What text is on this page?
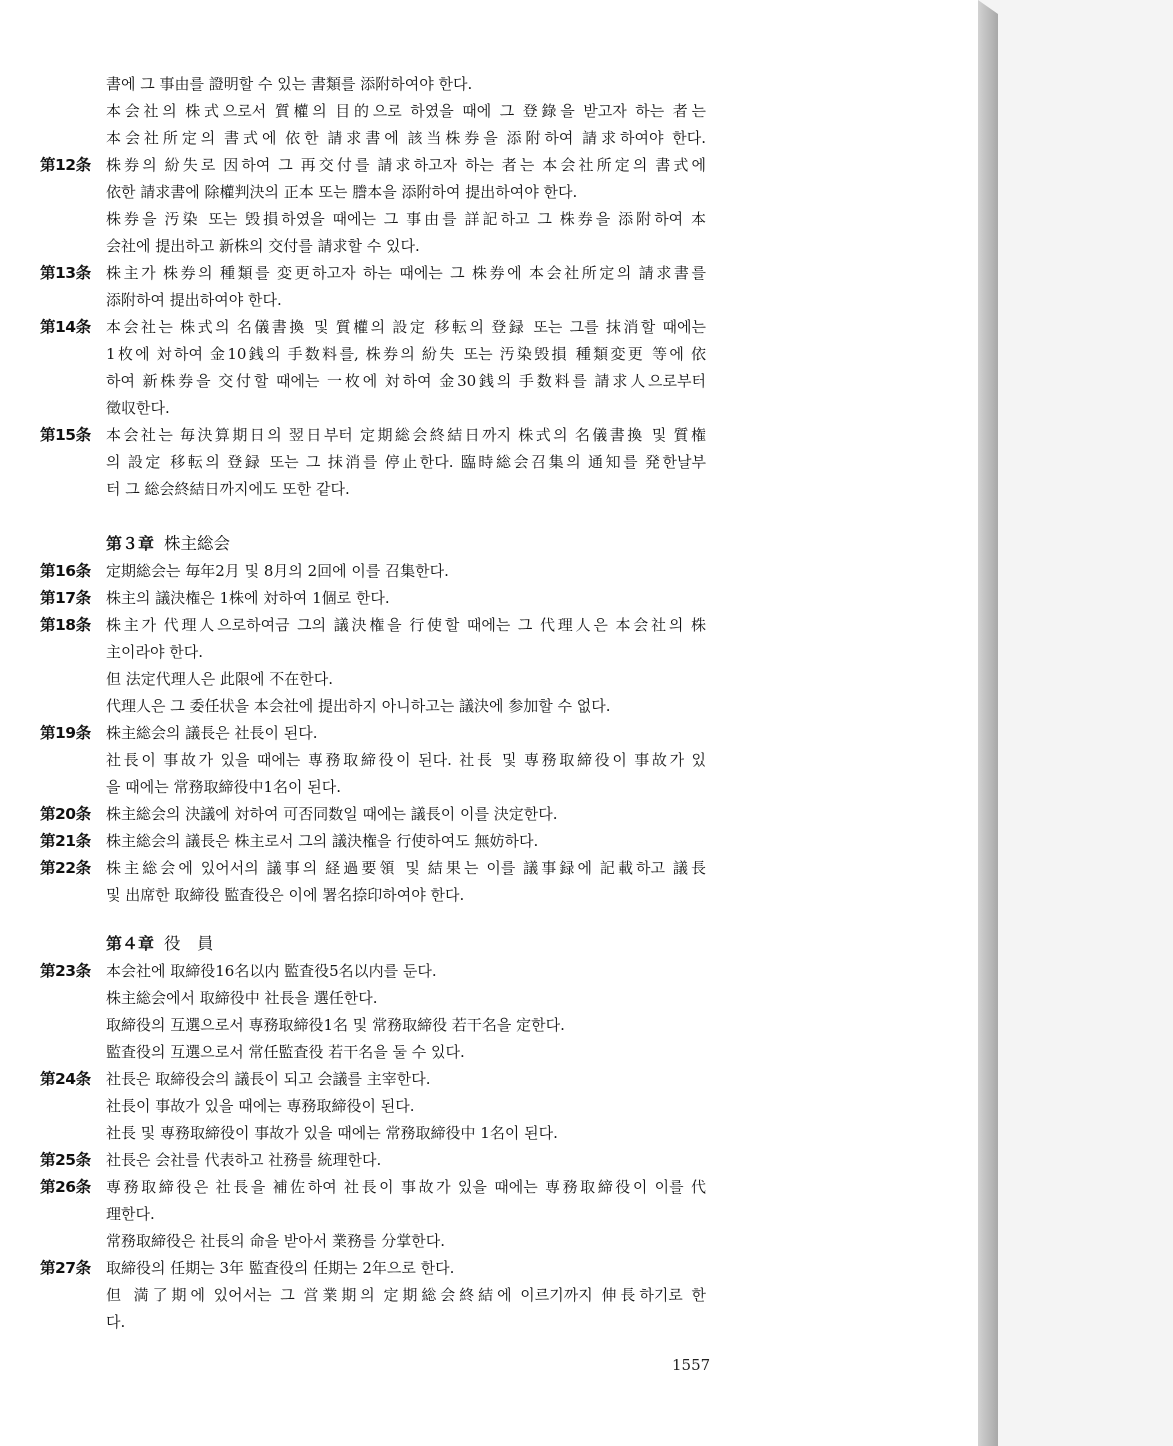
書에 그 事由를 證明할 수 있는 書類를 添附하여야 한다.
本会社의 株式으로서 質權의 目的으로 하였을 때에 그 登錄을 받고자 하는 者는
本会社所定의 書式에 依한 請求書에 該当株券을 添附하여 請求하여야 한다.
第12条	株券의 紛失로 因하여 그 再交付를 請求하고자 하는 者는 本会社所定의 書式에
依한 請求書에 除權判決의 正本 또는 謄本을 添附하여 提出하여야 한다.
株券을 汚染 또는 毁損하였을 때에는 그 事由를 詳記하고 그 株券을 添附하여 本
会社에 提出하고 新株의 交付를 請求할 수 있다.
第13条	株主가 株券의 種類를 変更하고자 하는 때에는 그 株券에 本会社所定의 請求書를
添附하여 提出하여야 한다.
第14条	本会社는 株式의 名儀書換 및 質權의 設定 移転의 登録 또는 그를 抹消할 때에는
1枚에 対하여 金10銭의 手数料를, 株券의 紛失 또는 汚染毁損 種類変更 等에 依
하여 新株券을 交付할 때에는 一枚에 対하여 金30銭의 手数料를 請求人으로부터
徵収한다.
第15条	本会社는 毎決算期日의 翌日부터 定期総会終結日까지 株式의 名儀書換 및 質権
의 設定 移転의 登録 또는 그 抹消를 停止한다. 臨時総会召集의 通知를 発한날부
터 그 総会終結日까지에도 또한 같다.
第３章 株主総会
第16条	定期総会는 毎年2月 및 8月의 2回에 이를 召集한다.
第17条	株主의 議決権은 1株에 対하여 1個로 한다.
第18条	株主가 代理人으로하여금 그의 議決権을 行使할 때에는 그 代理人은 本会社의 株
主이라야 한다.
但 法定代理人은 此限에 不在한다.
代理人은 그 委任状을 本会社에 提出하지 아니하고는 議決에 参加할 수 없다.
第19条	株主総会의 議長은 社長이 된다.
社長이 事故가 있을 때에는 専務取締役이 된다. 社長 및 専務取締役이 事故가 있
을 때에는 常務取締役中1名이 된다.
第20条	株主総会의 決議에 対하여 可否同数일 때에는 議長이 이를 決定한다.
第21条	株主総会의 議長은 株主로서 그의 議決権을 行使하여도 無妨하다.
第22条	株主総会에 있어서의 議事의 経過要領 및 結果는 이를 議事録에 記載하고 議長
및 出席한 取締役 監査役은 이에 署名捺印하여야 한다.
第４章 役　員
第23条	本会社에 取締役16名以内 監査役5名以内를 둔다.
株主総会에서 取締役中 社長을 選任한다.
取締役의 互選으로서 専務取締役1名 및 常務取締役 若干名을 定한다.
監査役의 互選으로서 常任監査役 若干名을 둘 수 있다.
第24条	社長은 取締役会의 議長이 되고 会議를 主宰한다.
社長이 事故가 있을 때에는 専務取締役이 된다.
社長 및 専務取締役이 事故가 있을 때에는 常務取締役中 1名이 된다.
第25条	社長은 会社를 代表하고 社務를 統理한다.
第26条	専務取締役은 社長을 補佐하여 社長이 事故가 있을 때에는 専務取締役이 이를 代
理한다.
常務取締役은 社長의 命을 받아서 業務를 分掌한다.
第27条	取締役의 任期는 3年 監査役의 任期는 2年으로 한다.
但 満了期에 있어서는 그 営業期의 定期総会終結에 이르기까지 伸長하기로 한
다.
1557
